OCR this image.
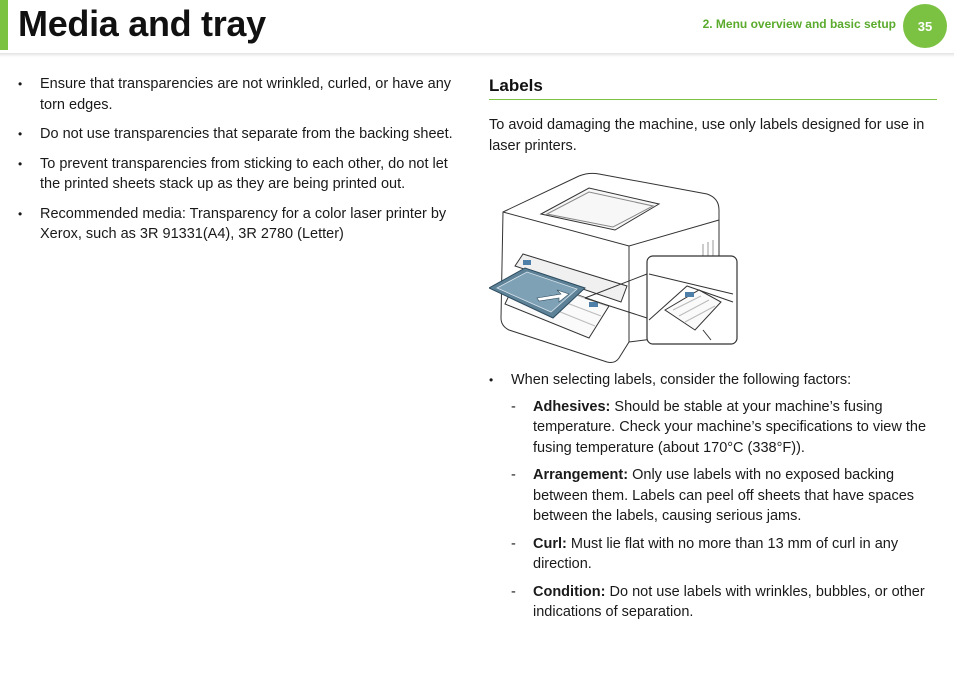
Media and tray	2. Menu overview and basic setup	35
• Ensure that transparencies are not wrinkled, curled, or have any torn edges.
• Do not use transparencies that separate from the backing sheet.
• To prevent transparencies from sticking to each other, do not let the printed sheets stack up as they are being printed out.
• Recommended media: Transparency for a color laser printer by Xerox, such as 3R 91331(A4), 3R 2780 (Letter)
Labels

To avoid damaging the machine, use only labels designed for use in laser printers.

• When selecting labels, consider the following factors:
- Adhesives: Should be stable at your machine’s fusing temperature. Check your machine’s specifications to view the fusing temperature (about 170°C (338°F)).
- Arrangement: Only use labels with no exposed backing between them. Labels can peel off sheets that have spaces between the labels, causing serious jams.
- Curl: Must lie flat with no more than 13 mm of curl in any direction.
- Condition: Do not use labels with wrinkles, bubbles, or other indications of separation.
